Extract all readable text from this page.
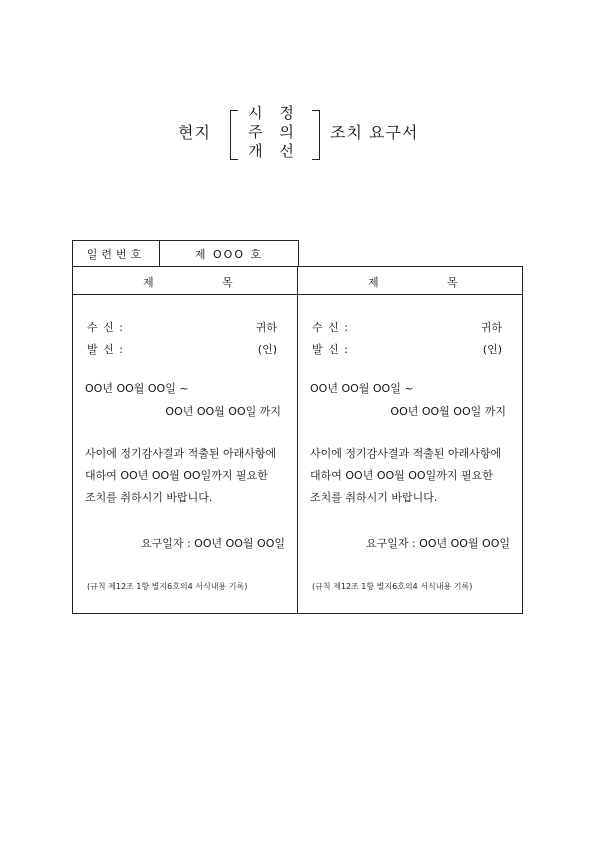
현지
시 정
주 의
개 선
조치 요구서
일련번호	제 OOO 호
제	목
수 신 :	귀하
발 신 :	(인)
OO년 OO월 OO일 ~
OO년 OO월 OO일 까지
사이에 정기감사결과 적출된 아래사항에
대하여 OO년 OO월 OO일까지 필요한
조치를 취하시기 바랍니다.
요구일자 : OO년 OO월 OO일
(규칙 제12조 1항 별지6호의4 서식내용 기록)
제	목
수 신 :	귀하
발 신 :	(인)
OO년 OO월 OO일 ~
OO년 OO월 OO일 까지
사이에 정기감사결과 적출된 아래사항에
대하여 OO년 OO월 OO일까지 필요한
조치를 취하시기 바랍니다.
요구일자 : OO년 OO월 OO일
(규칙 제12조 1항 별지6호의4 서식내용 기록)
